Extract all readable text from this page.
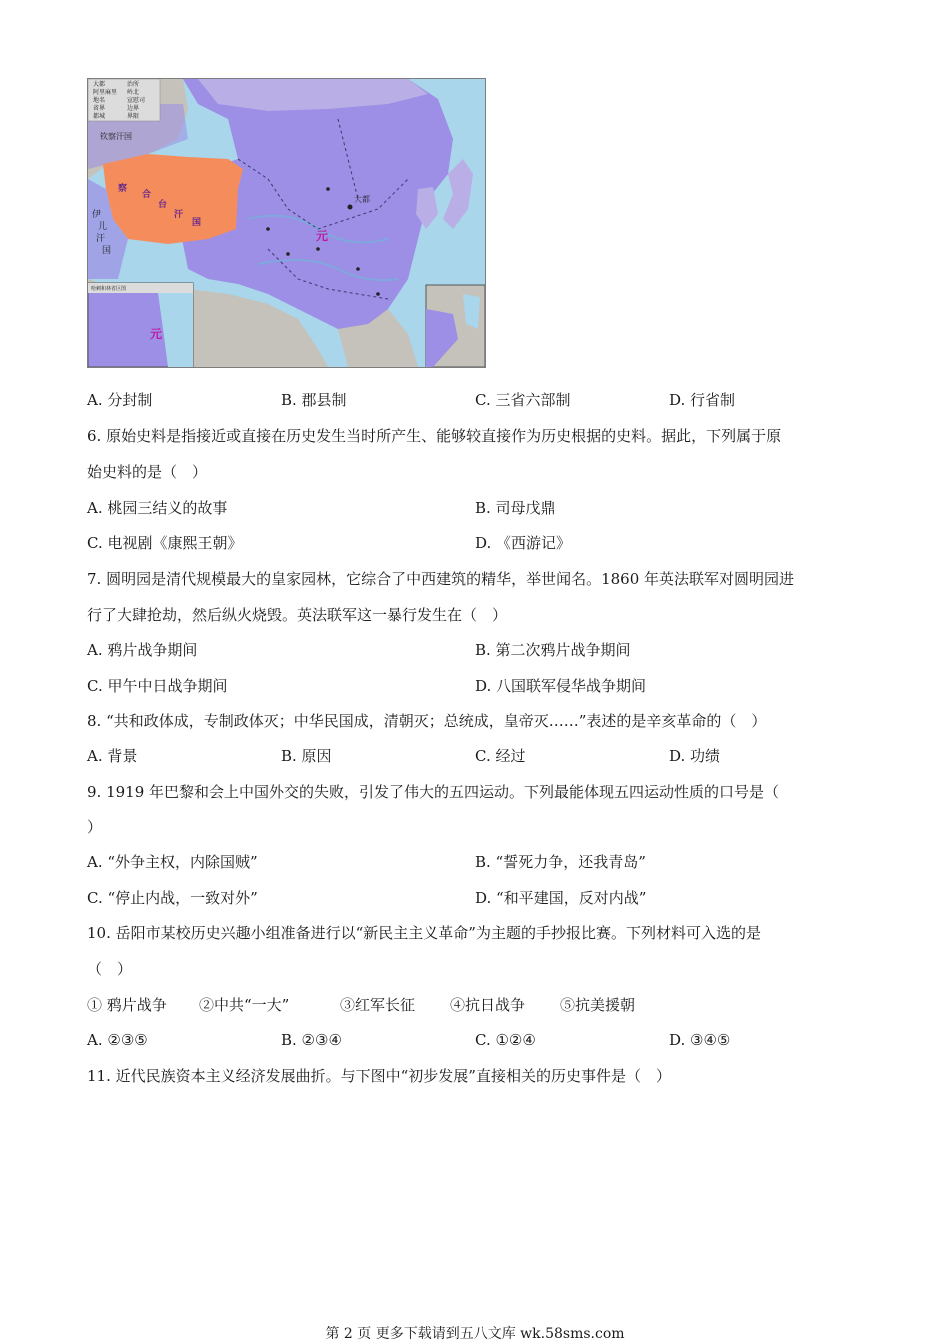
大都	治所
阿里麻里 岭北
地名	宣慰司
省界	边界
都城	界限
钦察汗国
察
合
台
汗
国
伊
儿
汗
国
元
大都
哈剌和林省区图
元
A. 分封制	B. 郡县制	C. 三省六部制	D. 行省制
6. 原始史料是指接近或直接在历史发生当时所产生、能够较直接作为历史根据的史料。据此，下列属于原
始史料的是（　）
A. 桃园三结义的故事	B. 司母戊鼎
C. 电视剧《康熙王朝》	D. 《西游记》
7. 圆明园是清代规模最大的皇家园林，它综合了中西建筑的精华，举世闻名。1860 年英法联军对圆明园进
行了大肆抢劫，然后纵火烧毁。英法联军这一暴行发生在（　）
A. 鸦片战争期间	B. 第二次鸦片战争期间
C. 甲午中日战争期间	D. 八国联军侵华战争期间
8. “共和政体成，专制政体灭；中华民国成，清朝灭；总统成，皇帝灭……”表述的是辛亥革命的（　）
A. 背景	B. 原因	C. 经过	D. 功绩
9. 1919 年巴黎和会上中国外交的失败，引发了伟大的五四运动。下列最能体现五四运动性质的口号是（
）
A. “外争主权，内除国贼”	B. “誓死力争，还我青岛”
C. “停止内战，一致对外”	D. “和平建国，反对内战”
10. 岳阳市某校历史兴趣小组准备进行以“新民主主义革命”为主题的手抄报比赛。下列材料可入选的是
（　）
① 鸦片战争 ②中共“一大”	③红军长征 ④抗日战争 ⑤抗美援朝
A. ②③⑤	B. ②③④	C. ①②④	D. ③④⑤
11. 近代民族资本主义经济发展曲折。与下图中“初步发展”直接相关的历史事件是（　）
第 2 页 更多下载请到五八文库 wk.58sms.com
